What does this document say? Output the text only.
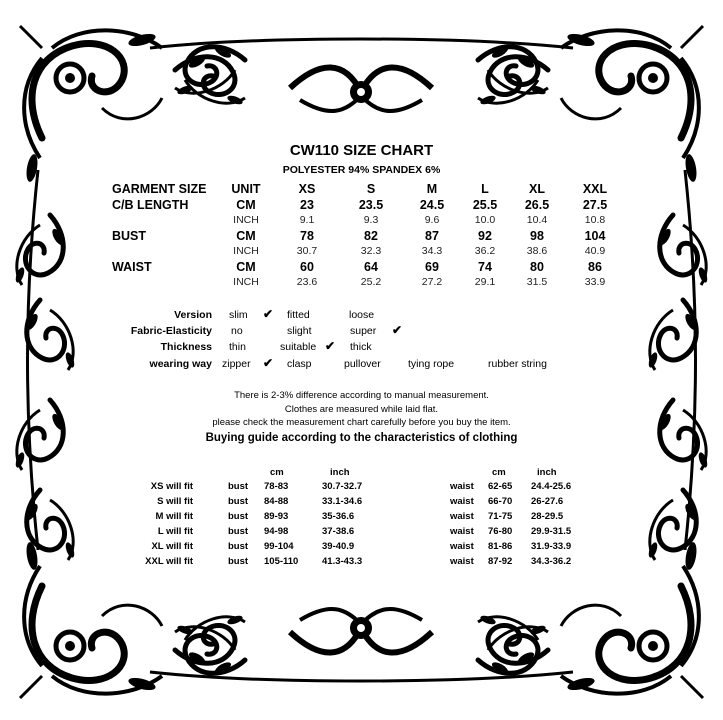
CW110 SIZE CHART
POLYESTER 94% SPANDEX 6%
GARMENT SIZE	UNIT	XS	S	M	L	XL	XXL
C/B LENGTH	CM	23	23.5	24.5	25.5	26.5	27.5
INCH	9.1	9.3	9.6	10.0	10.4	10.8
BUST	CM	78	82	87	92	98	104
INCH	30.7	32.3	34.3	36.2	38.6	40.9
WAIST	CM	60	64	69	74	80	86
INCH	23.6	25.2	27.2	29.1	31.5	33.9
Version slim ✔ fitted	loose
Fabric-Elasticity no	slight	super ✔
Thickness thin	suitable ✔ thick
wearing way zipper ✔ clasp	pullover	tying rope	rubber string
There is 2-3% difference according to manual measurement.
Clothes are measured while laid flat.
please check the measurement chart carefully before you buy the item.
Buying guide according to the characteristics of clothing
cm	inch	cm	inch
XS will fit	bust 78-83	30.7-32.7	waist 62-65 24.4-25.6
S will fit	bust 84-88	33.1-34.6	waist 66-70 26-27.6
M will fit	bust 89-93	35-36.6	waist 71-75 28-29.5
L will fit	bust 94-98	37-38.6	waist 76-80 29.9-31.5
XL will fit	bust 99-104	39-40.9	waist 81-86 31.9-33.9
XXL will fit	bust 105-110 41.3-43.3	waist 87-92 34.3-36.2
